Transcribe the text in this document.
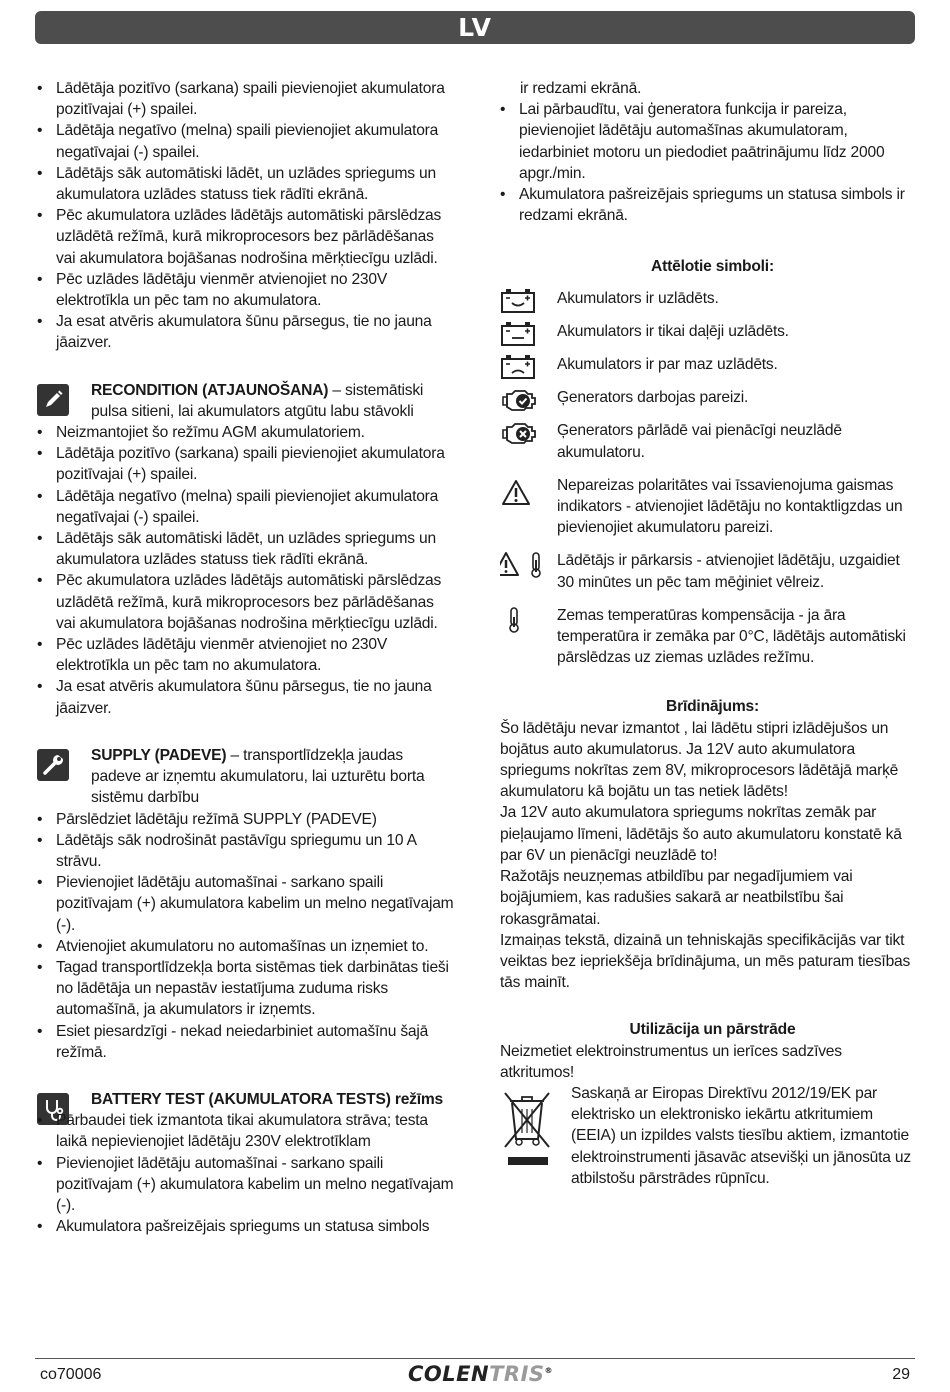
LV
• Lādētāja pozitīvo (sarkana) spaili pievienojiet akumulatora pozitīvajai (+) spailei.
• Lādētāja negatīvo (melna) spaili pievienojiet akumulatora negatīvajai (-) spailei.
• Lādētājs sāk automātiski lādēt, un uzlādes spriegums un akumulatora uzlādes statuss tiek rādīti ekrānā.
• Pēc akumulatora uzlādes lādētājs automātiski pārslēdzas uzlādētā režīmā, kurā mikroprocesors bez pārlādēšanas vai akumulatora bojāšanas nodrošina mērķtiecīgu uzlādi.
• Pēc uzlādes lādētāju vienmēr atvienojiet no 230V elektrotīkla un pēc tam no akumulatora.
• Ja esat atvēris akumulatora šūnu pārsegus, tie no jauna jāaizver.
RECONDITION (ATJAUNOŠANA) – sistemātiski pulsa sitieni, lai akumulators atgūtu labu stāvokli
• Neizmantojiet šo režīmu AGM akumulatoriem.
• Lādētāja pozitīvo (sarkana) spaili pievienojiet akumulatora pozitīvajai (+) spailei.
• Lādētāja negatīvo (melna) spaili pievienojiet akumulatora negatīvajai (-) spailei.
• Lādētājs sāk automātiski lādēt, un uzlādes spriegums un akumulatora uzlādes statuss tiek rādīti ekrānā.
• Pēc akumulatora uzlādes lādētājs automātiski pārslēdzas uzlādētā režīmā, kurā mikroprocesors bez pārlādēšanas vai akumulatora bojāšanas nodrošina mērķtiecīgu uzlādi.
• Pēc uzlādes lādētāju vienmēr atvienojiet no 230V elektrotīkla un pēc tam no akumulatora.
• Ja esat atvēris akumulatora šūnu pārsegus, tie no jauna jāaizver.
SUPPLY (PADEVE) – transportlīdzekļa jaudas padeve ar izņemtu akumulatoru, lai uzturētu borta sistēmu darbību
• Pārslēdziet lādētāju režīmā SUPPLY (PADEVE)
• Lādētājs sāk nodrošināt pastāvīgu spriegumu un 10 A strāvu.
• Pievienojiet lādētāju automašīnai - sarkano spaili pozitīvajam (+) akumulatora kabelim un melno negatīvajam (-).
• Atvienojiet akumulatoru no automašīnas un izņemiet to.
• Tagad transportlīdzekļa borta sistēmas tiek darbinātas tieši no lādētāja un nepastāv iestatījuma zuduma risks automašīnā, ja akumulators ir izņemts.
• Esiet piesardzīgi - nekad neiedarbiniet automašīnu šajā režīmā.
BATTERY TEST (AKUMULATORA TESTS) režīms
• Pārbaudei tiek izmantota tikai akumulatora strāva; testa laikā nepievienojiet lādētāju 230V elektrotīklam
• Pievienojiet lādētāju automašīnai - sarkano spaili pozitīvajam (+) akumulatora kabelim un melno negatīvajam (-).
• Akumulatora pašreizējais spriegums un statusa simbols
ir redzami ekrānā.
• Lai pārbaudītu, vai ģeneratora funkcija ir pareiza, pievienojiet lādētāju automašīnas akumulatoram, iedarbiniet motoru un piedodiet paātrinājumu līdz 2000 apgr./min.
• Akumulatora pašreizējais spriegums un statusa simbols ir redzami ekrānā.
Attēlotie simboli:
Akumulators ir uzlādēts.
Akumulators ir tikai daļēji uzlādēts.
Akumulators ir par maz uzlādēts.
Ģenerators darbojas pareizi.
Ģenerators pārlādē vai pienācīgi neuzlādē akumulatoru.
Nepareizas polaritātes vai īssavienojuma gaismas indikators - atvienojiet lādētāju no kontaktligzdas un pievienojiet akumulatoru pareizi.
Lādētājs ir pārkarsis - atvienojiet lādētāju, uzgaidiet 30 minūtes un pēc tam mēģiniet vēlreiz.
Zemas temperatūras kompensācija - ja āra temperatūra ir zemāka par 0°C, lādētājs automātiski pārslēdzas uz ziemas uzlādes režīmu.
Brīdinājums:

Šo lādētāju nevar izmantot , lai lādētu stipri izlādējušos un bojātus auto akumulatorus. Ja 12V auto akumulatora spriegums nokrītas zem 8V, mikroprocesors lādētājā marķē akumulatoru kā bojātu un tas netiek lādēts!

Ja 12V auto akumulatora spriegums nokrītas zemāk par pieļaujamo līmeni, lādētājs šo auto akumulatoru konstatē kā par 6V un pienācīgi neuzlādē to!

Ražotājs neuzņemas atbildību par negadījumiem vai bojājumiem, kas radušies sakarā ar neatbilstību šai rokasgrāmatai.

Izmaiņas tekstā, dizainā un tehniskajās specifikācijās var tikt veiktas bez iepriekšēja brīdinājuma, un mēs paturam tiesības tās mainīt.

Utilizācija un pārstrāde

Neizmetiet elektroinstrumentus un ierīces sadzīves atkritumos!

Saskaņā ar Eiropas Direktīvu 2012/19/EK par elektrisko un elektronisko iekārtu atkritumiem (EEIA) un izpildes valsts tiesību aktiem, izmantotie elektroinstrumenti jāsavāc atsevišķi un jānosūta uz atbilstošu pārstrādes rūpnīcu.
co70006	COLENTRIS®	29
